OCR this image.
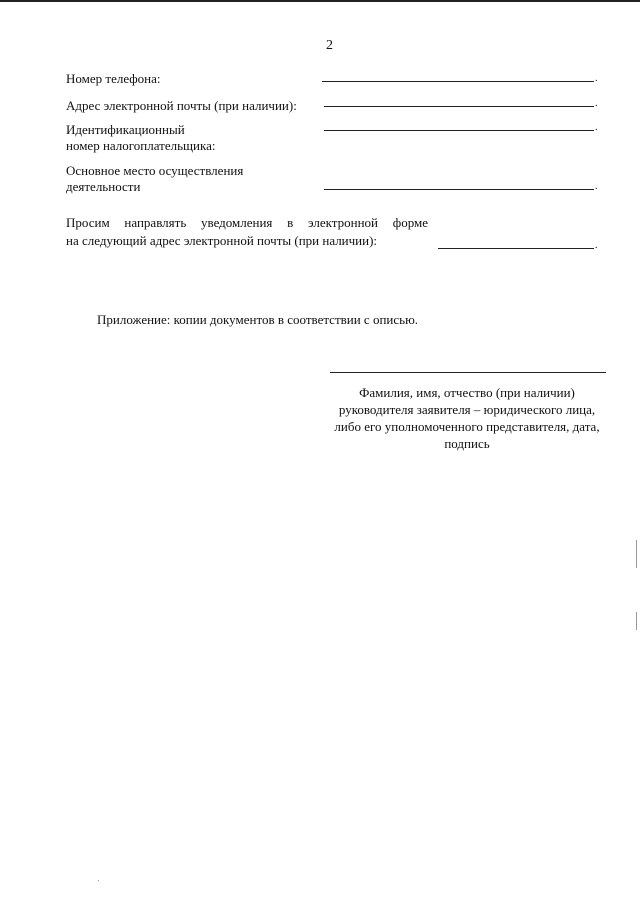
2
Номер телефона:	.
Адрес электронной почты (при наличии):	.
Идентификационный
номер налогоплательщика:
.
Основное место осуществления
деятельности	.
Просим направлять уведомления в электронной форме
на следующий адрес электронной почты (при наличии):	.
Приложение: копии документов в соответствии с описью.
Фамилия, имя, отчество (при наличии)
руководителя заявителя – юридического лица,
либо его уполномоченного представителя, дата,
подпись
